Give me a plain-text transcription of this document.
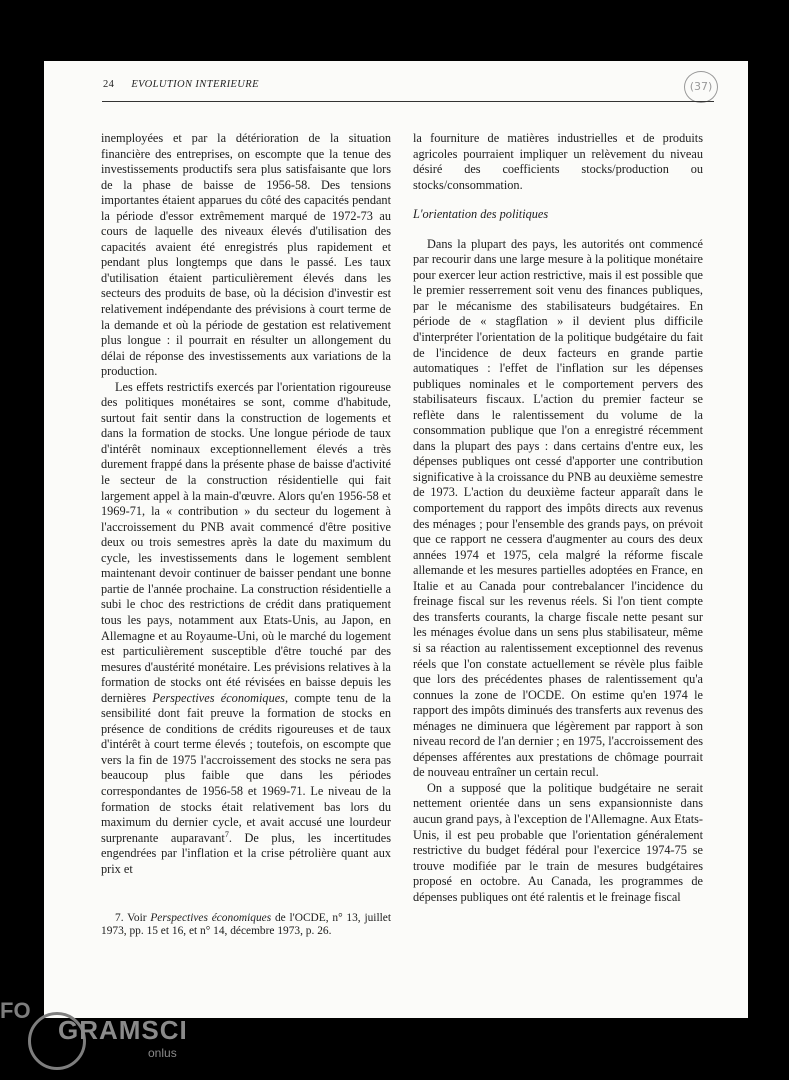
24 EVOLUTION INTERIEURE	(37)

inemployées et par la détérioration de la situation financière des entreprises, on escompte que la tenue des investissements productifs sera plus satisfaisante que lors de la phase de baisse de 1956-58. Des tensions importantes étaient apparues du côté des capacités pendant la période d'essor extrêmement marqué de 1972-73 au cours de laquelle des niveaux élevés d'utilisation des capacités avaient été enregistrés plus rapidement et pendant plus longtemps que dans le passé. Les taux d'utilisation étaient particulièrement élevés dans les secteurs des produits de base, où la décision d'investir est relativement indépendante des prévisions à court terme de la demande et où la période de gestation est relativement plus longue : il pourrait en résulter un allongement du délai de réponse des investissements aux variations de la production.

Les effets restrictifs exercés par l'orientation rigoureuse des politiques monétaires se sont, comme d'habitude, surtout fait sentir dans la construction de logements et dans la formation de stocks. Une longue période de taux d'intérêt nominaux exceptionnellement élevés a très durement frappé dans la présente phase de baisse d'activité le secteur de la construction résidentielle qui fait largement appel à la main-d'œuvre. Alors qu'en 1956-58 et 1969-71, la « contribution » du secteur du logement à l'accroissement du PNB avait commencé d'être positive deux ou trois semestres après la date du maximum du cycle, les investissements dans le logement semblent maintenant devoir continuer de baisser pendant une bonne partie de l'année prochaine. La construction résidentielle a subi le choc des restrictions de crédit dans pratiquement tous les pays, notamment aux Etats-Unis, au Japon, en Allemagne et au Royaume-Uni, où le marché du logement est particulièrement susceptible d'être touché par des mesures d'austérité monétaire. Les prévisions relatives à la formation de stocks ont été révisées en baisse depuis les dernières Perspectives économiques, compte tenu de la sensibilité dont fait preuve la formation de stocks en présence de conditions de crédits rigoureuses et de taux d'intérêt à court terme élevés ; toutefois, on escompte que vers la fin de 1975 l'accroissement des stocks ne sera pas beaucoup plus faible que dans les périodes correspondantes de 1956-58 et 1969-71. Le niveau de la formation de stocks était relativement bas lors du maximum du dernier cycle, et avait accusé une lourdeur surprenante auparavant$^7$. De plus, les incertitudes engendrées par l'inflation et la crise pétrolière quant aux prix et

7. Voir Perspectives économiques de l'OCDE, n° 13, juillet 1973, pp. 15 et 16, et n° 14, décembre 1973, p. 26.

la fourniture de matières industrielles et de produits agricoles pourraient impliquer un relèvement du niveau désiré des coefficients stocks/production ou stocks/consommation.

L'orientation des politiques

Dans la plupart des pays, les autorités ont commencé par recourir dans une large mesure à la politique monétaire pour exercer leur action restrictive, mais il est possible que le premier resserrement soit venu des finances publiques, par le mécanisme des stabilisateurs budgétaires. En période de « stagflation » il devient plus difficile d'interpréter l'orientation de la politique budgétaire du fait de l'incidence de deux facteurs en grande partie automatiques : l'effet de l'inflation sur les dépenses publiques nominales et le comportement pervers des stabilisateurs fiscaux. L'action du premier facteur se reflète dans le ralentissement du volume de la consommation publique que l'on a enregistré récemment dans la plupart des pays : dans certains d'entre eux, les dépenses publiques ont cessé d'apporter une contribution significative à la croissance du PNB au deuxième semestre de 1973. L'action du deuxième facteur apparaît dans le comportement du rapport des impôts directs aux revenus des ménages ; pour l'ensemble des grands pays, on prévoit que ce rapport ne cessera d'augmenter au cours des deux années 1974 et 1975, cela malgré la réforme fiscale allemande et les mesures partielles adoptées en France, en Italie et au Canada pour contrebalancer l'incidence du freinage fiscal sur les revenus réels. Si l'on tient compte des transferts courants, la charge fiscale nette pesant sur les ménages évolue dans un sens plus stabilisateur, même si sa réaction au ralentissement exceptionnel des revenus réels que l'on constate actuellement se révèle plus faible que lors des précédentes phases de ralentissement qu'a connues la zone de l'OCDE. On estime qu'en 1974 le rapport des impôts diminués des transferts aux revenus des ménages ne diminuera que légèrement par rapport à son niveau record de l'an dernier ; en 1975, l'accroissement des dépenses afférentes aux prestations de chômage pourrait de nouveau entraîner un certain recul.

On a supposé que la politique budgétaire ne serait nettement orientée dans un sens expansionniste dans aucun grand pays, à l'exception de l'Allemagne. Aux Etats-Unis, il est peu probable que l'orientation généralement restrictive du budget fédéral pour l'exercice 1974-75 se trouve modifiée par le train de mesures budgétaires proposé en octobre. Au Canada, les programmes de dépenses publiques ont été ralentis et le freinage fiscal

FO
GRAMSCI
onlus
